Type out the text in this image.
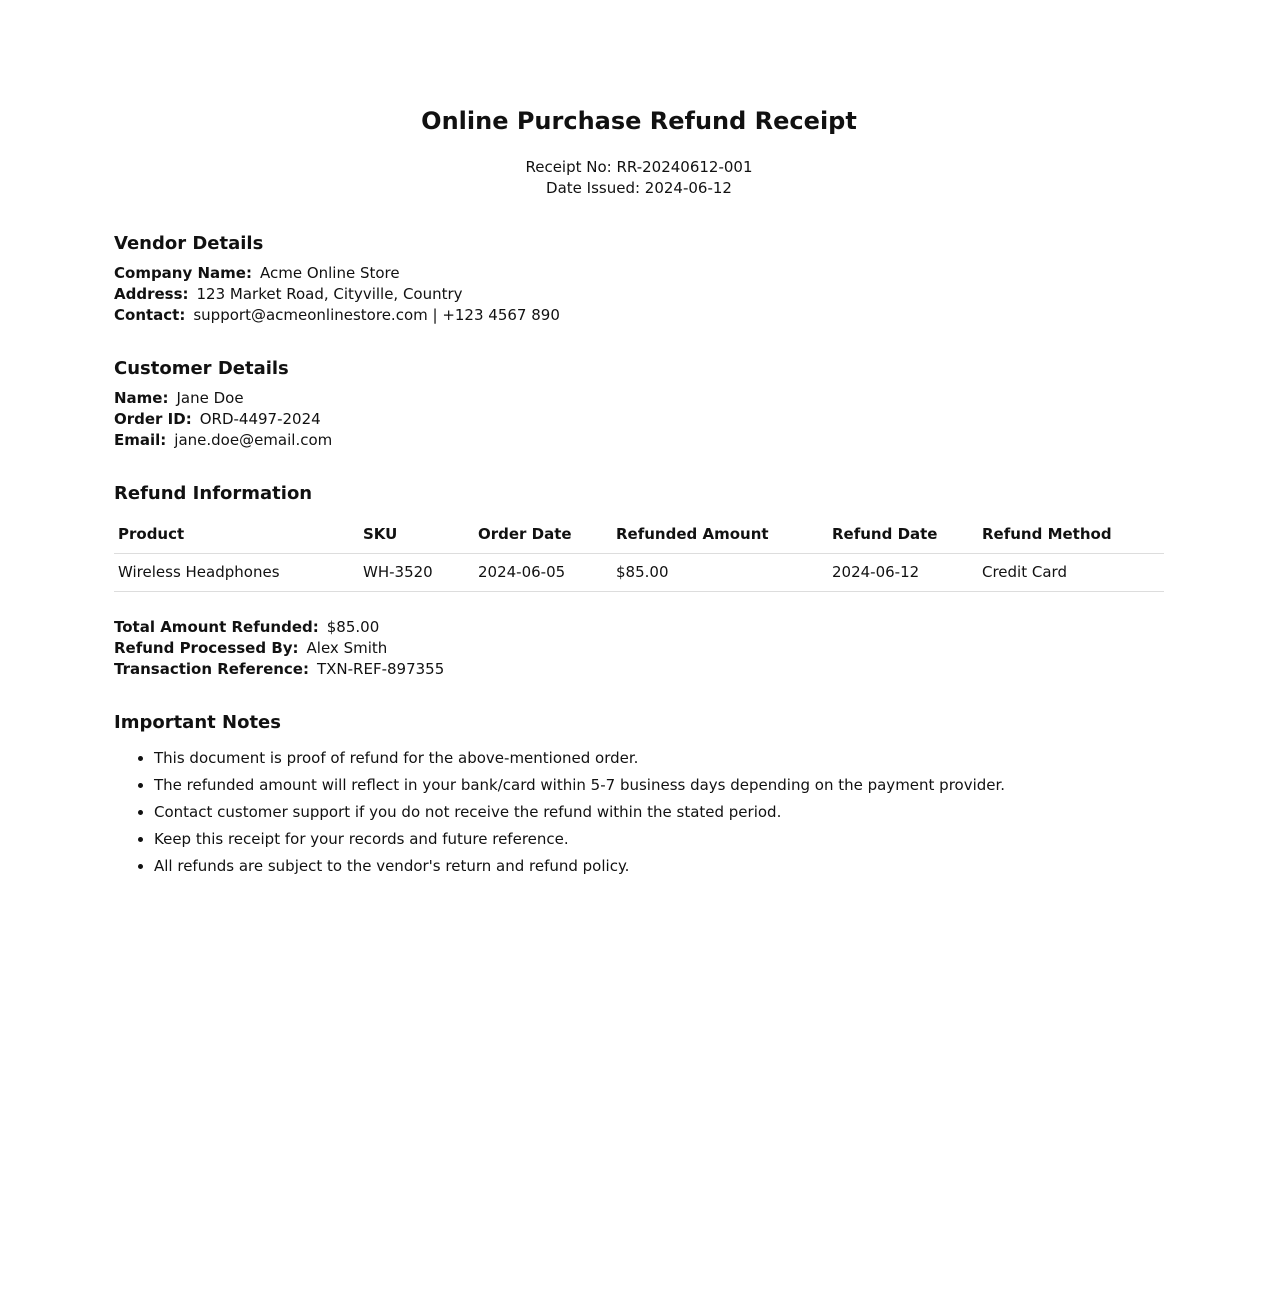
Online Purchase Refund Receipt
Receipt No: RR-20240612-001
Date Issued: 2024-06-12
Vendor Details
Company Name: Acme Online Store
Address: 123 Market Road, Cityville, Country
Contact: support@acmeonlinestore.com | +123 4567 890
Customer Details
Name: Jane Doe
Order ID: ORD-4497-2024
Email: jane.doe@email.com
Refund Information
Product	SKU	Order Date	Refunded Amount	Refund Date	Refund Method
Wireless Headphones	WH-3520	2024-06-05	$85.00	2024-06-12	Credit Card
Total Amount Refunded: $85.00
Refund Processed By: Alex Smith
Transaction Reference: TXN-REF-897355
Important Notes
• This document is proof of refund for the above-mentioned order.
• The refunded amount will reflect in your bank/card within 5-7 business days depending on the payment provider.
• Contact customer support if you do not receive the refund within the stated period.
• Keep this receipt for your records and future reference.
• All refunds are subject to the vendor's return and refund policy.
